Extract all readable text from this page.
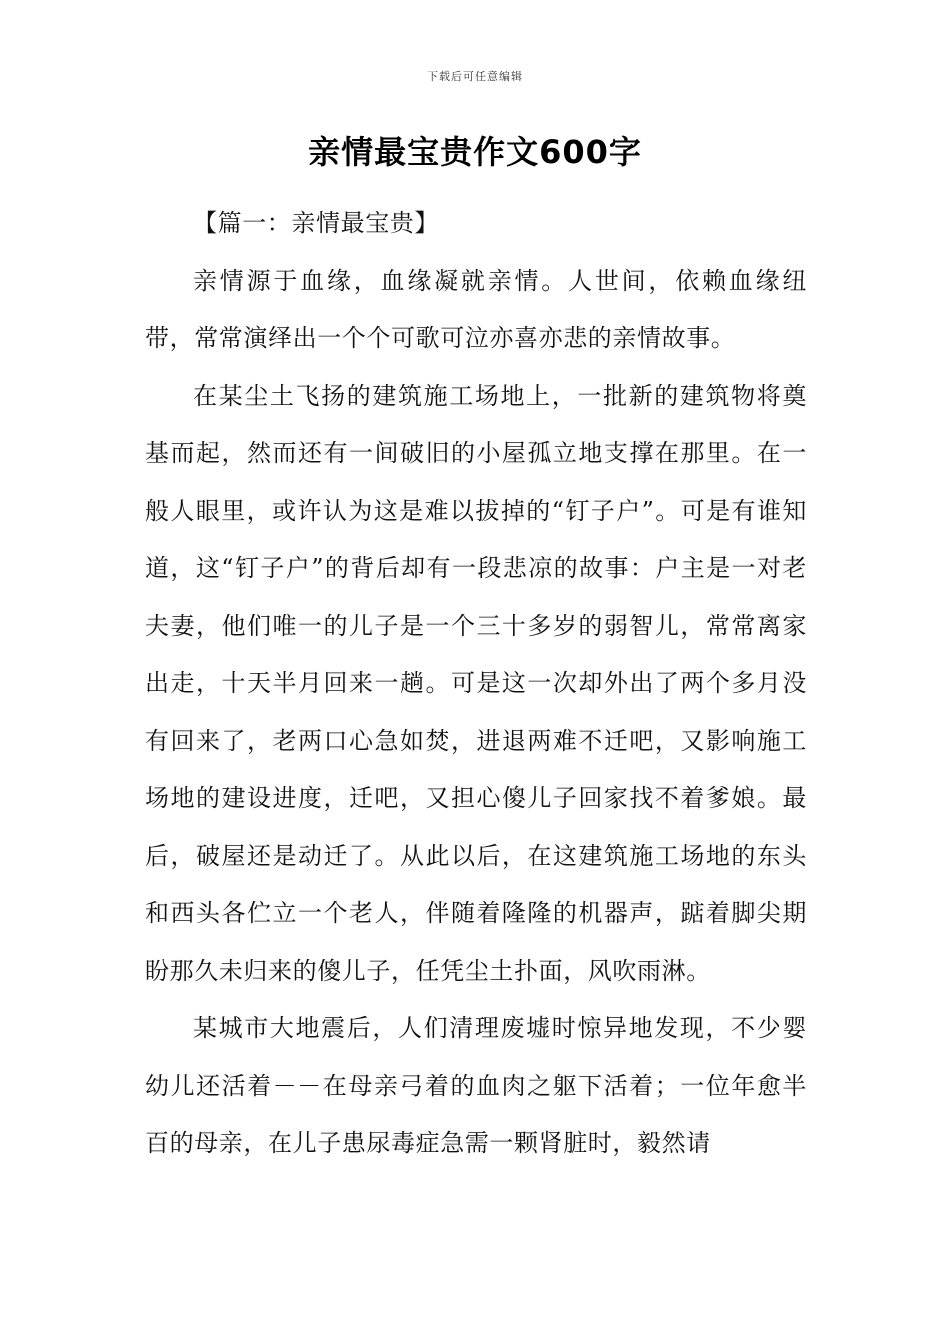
下载后可任意编辑
亲情最宝贵作文600字

【篇一：亲情最宝贵】

亲情源于血缘，血缘凝就亲情。人世间，依赖血缘纽带，常常演绎出一个个可歌可泣亦喜亦悲的亲情故事。

在某尘土飞扬的建筑施工场地上，一批新的建筑物将奠基而起，然而还有一间破旧的小屋孤立地支撑在那里。在一般人眼里，或许认为这是难以拔掉的“钉子户”。可是有谁知道，这“钉子户”的背后却有一段悲凉的故事：户主是一对老夫妻，他们唯一的儿子是一个三十多岁的弱智儿，常常离家出走，十天半月回来一趟。可是这一次却外出了两个多月没有回来了，老两口心急如焚，进退两难不迁吧，又影响施工场地的建设进度，迁吧，又担心傻儿子回家找不着爹娘。最后，破屋还是动迁了。从此以后，在这建筑施工场地的东头和西头各伫立一个老人，伴随着隆隆的机器声，踮着脚尖期盼那久未归来的傻儿子，任凭尘土扑面，风吹雨淋。

某城市大地震后，人们清理废墟时惊异地发现，不少婴幼儿还活着－－在母亲弓着的血肉之躯下活着；一位年愈半百的母亲，在儿子患尿毒症急需一颗肾脏时，毅然请
